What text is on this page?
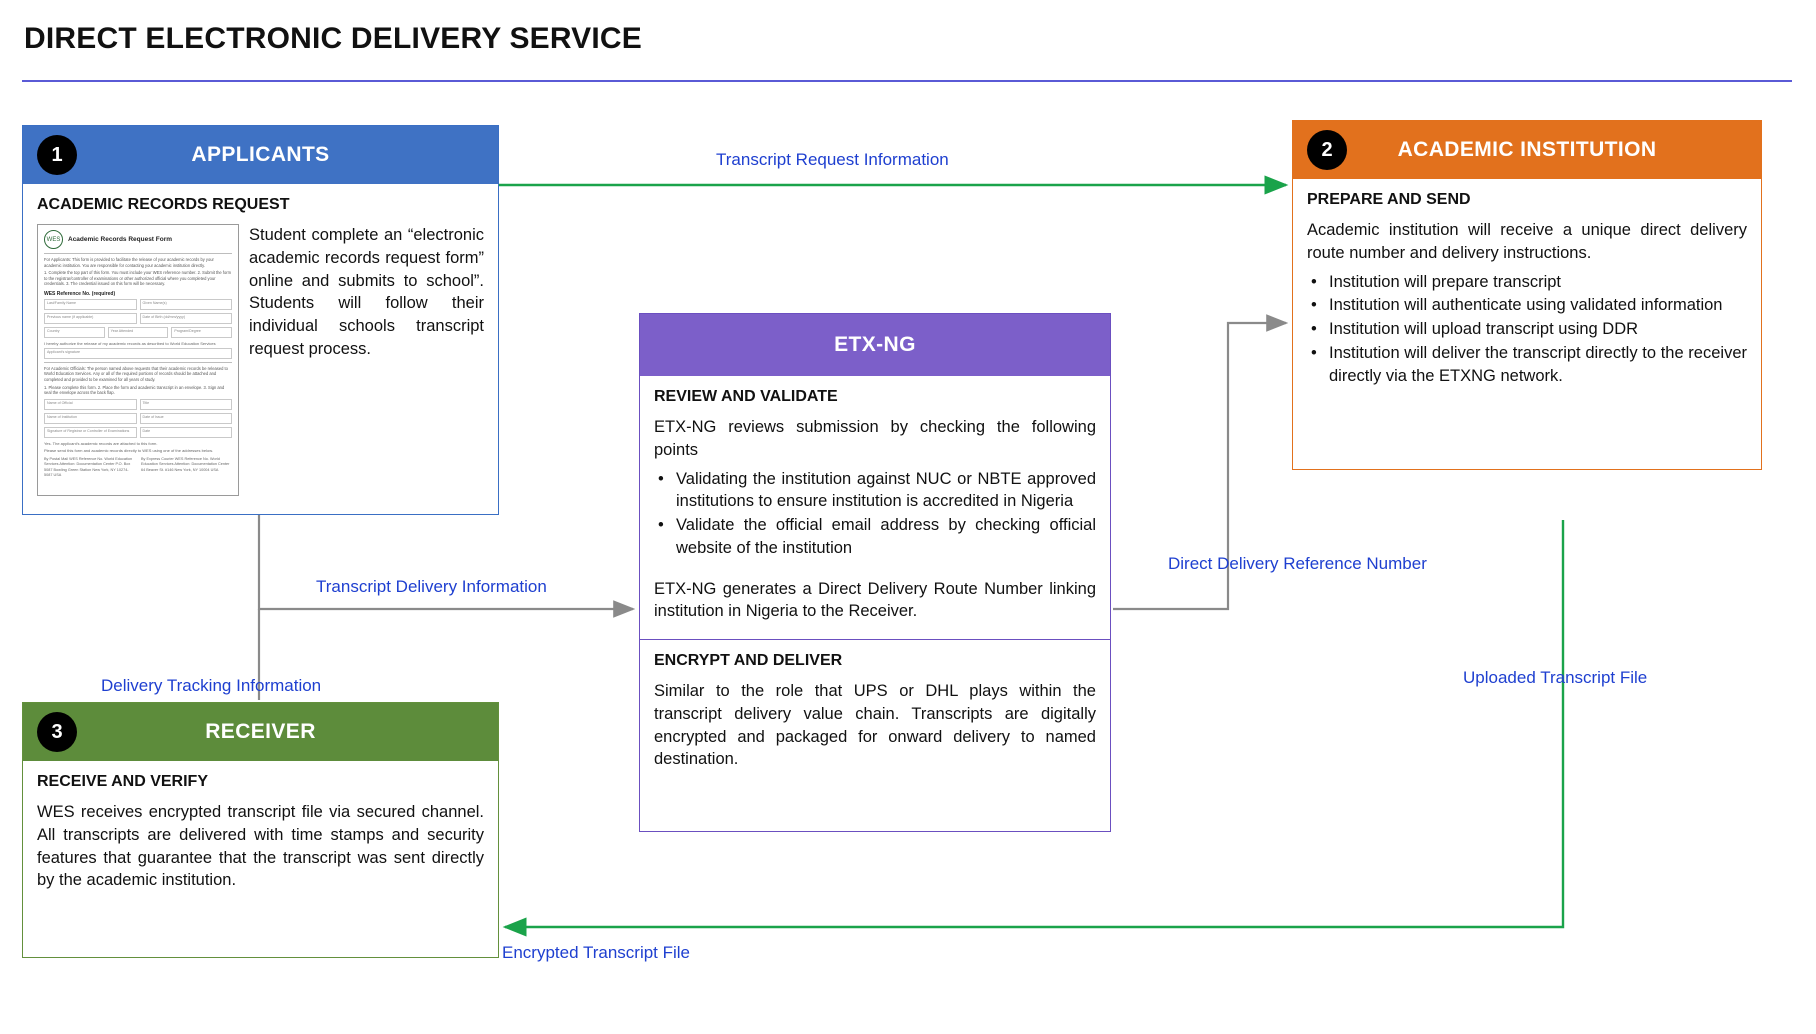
DIRECT ELECTRONIC DELIVERY SERVICE
Transcript Request Information
Transcript Delivery Information
Delivery Tracking Information
Direct Delivery Reference Number
Uploaded Transcript File
Encrypted Transcript File
1	APPLICANTS
ACADEMIC RECORDS REQUEST
WES	Academic Records Request Form
For Applicants: This form is provided to facilitate the release of your academic records by your academic institution. You are responsible for contacting your academic institution directly.
1. Complete the top part of this form. You must include your WES reference number. 2. Submit the form to the registrar/controller of examinations or other authorized official where you completed your credentials. 3. The credential issued on this form will be necessary.
WES Reference No. (required)
Last/Family Name	Given Name(s)
Previous name (if applicable)	Date of Birth (dd/mm/yyyy)
Country	Year Attended	Program/Degree
I hereby authorize the release of my academic records as described to World Education Services
Applicant's signature
For Academic Officials: The person named above requests that their academic records be released to World Education Services. Any or all of the required portions of records should be attached and completed and provided to be examined for all years of study.
1. Please complete this form. 2. Place the form and academic transcript in an envelope. 3. Sign and seal the envelope across the back flap.
Name of Official	Title
Name of Institution	Date of Issue
Signature of Registrar or Controller of Examinations	Date
Yes. The applicant's academic records are attached to this form.
Please send this form and academic records directly to WES using one of the addresses below.
By Postal Mail WES Reference No. World Education Services Attention: Documentation Center P.O. Box 5087 Bowling Green Station New York, NY 10274-5087 USA
By Express Courier WES Reference No. World Education Services Attention: Documentation Center 64 Beaver St. #146 New York, NY 10004 USA
Student complete an “electronic academic records request form” online and submits to school”. Students will follow their individual schools transcript request process.	ETX-NG
REVIEW AND VALIDATE
ETX-NG reviews submission by checking the following points
• Validating the institution against NUC or NBTE approved institutions to ensure institution is accredited in Nigeria
• Validate the official email address by checking official website of the institution
ETX-NG generates a Direct Delivery Route Number linking institution in Nigeria to the Receiver.
ENCRYPT AND DELIVER
Similar to the role that UPS or DHL plays within the transcript delivery value chain. Transcripts are digitally encrypted and packaged for onward delivery to named destination.
2	ACADEMIC INSTITUTION
PREPARE AND SEND
Academic institution will receive a unique direct delivery route number and delivery instructions.
• Institution will prepare transcript
• Institution will authenticate using validated information
• Institution will upload transcript using DDR
• Institution will deliver the transcript directly to the receiver directly via the ETXNG network.
3	RECEIVER
RECEIVE AND VERIFY
WES receives encrypted transcript file via secured channel. All transcripts are delivered with time stamps and security features that guarantee that the transcript was sent directly by the academic institution.
